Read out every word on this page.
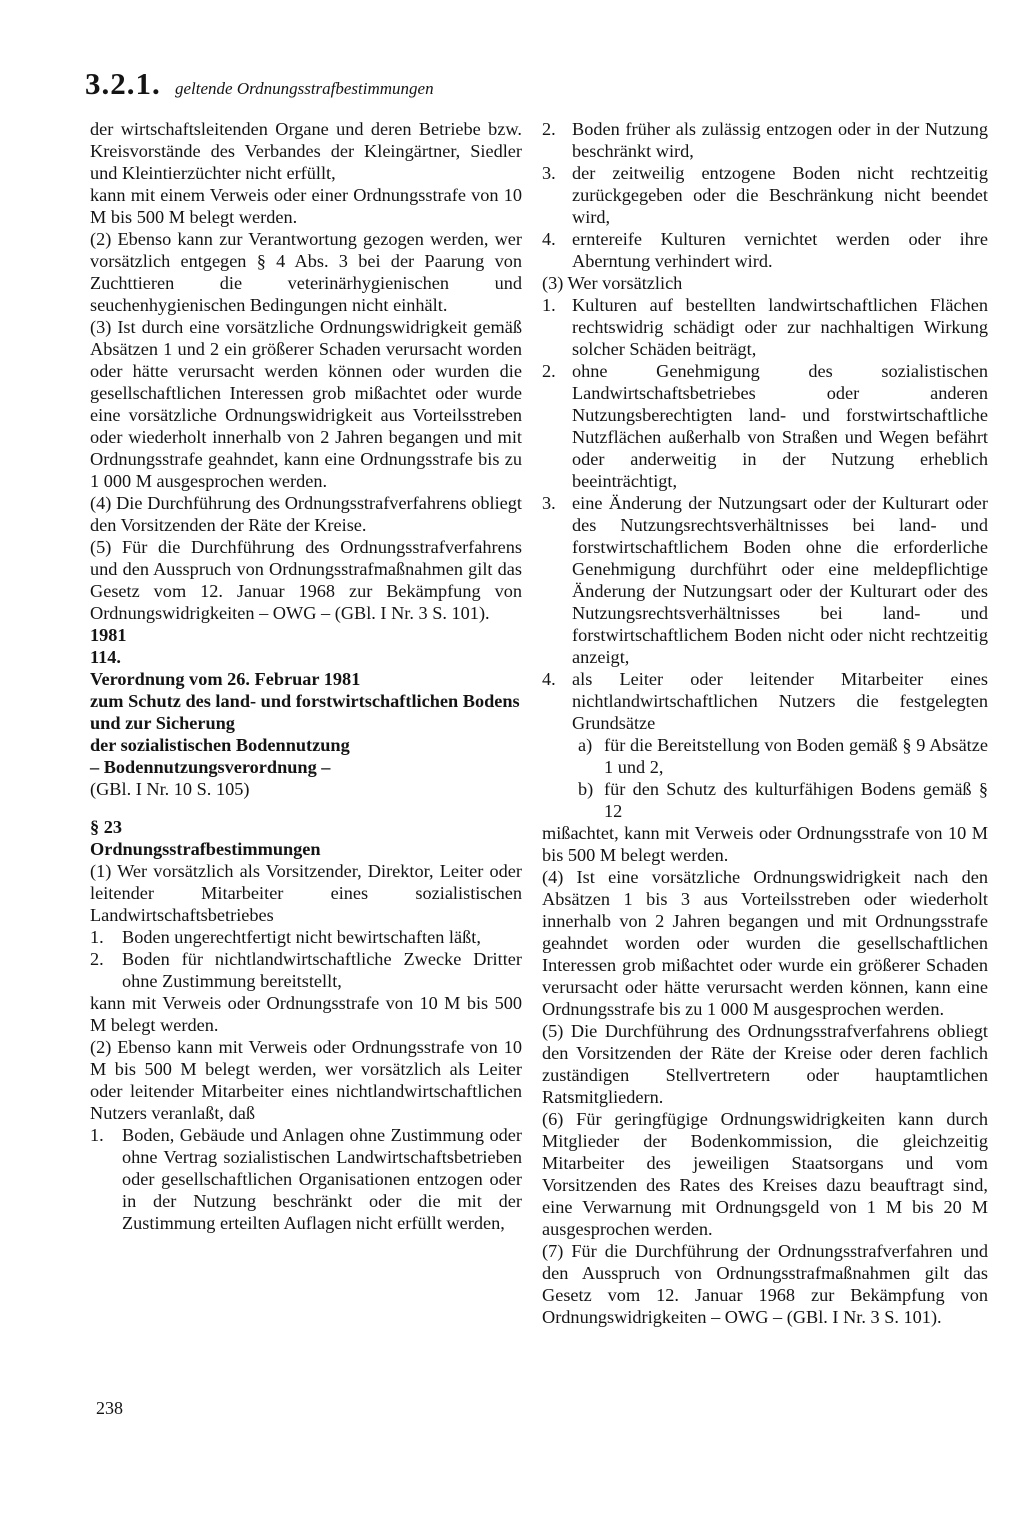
3.2.1. geltende Ordnungsstrafbestimmungen

der wirtschaftsleitenden Organe und deren Betriebe bzw. Kreisvorstände des Verbandes der Kleingärtner, Siedler und Kleintierzüchter nicht erfüllt,

kann mit einem Verweis oder einer Ordnungsstrafe von 10 M bis 500 M belegt werden.

(2) Ebenso kann zur Verantwortung gezogen werden, wer vorsätzlich entgegen § 4 Abs. 3 bei der Paarung von Zuchttieren die veterinärhygienischen und seuchenhygienischen Bedingungen nicht einhält.

(3) Ist durch eine vorsätzliche Ordnungswidrigkeit gemäß Absätzen 1 und 2 ein größerer Schaden verursacht worden oder hätte verursacht werden können oder wurden die gesellschaftlichen Interessen grob mißachtet oder wurde eine vorsätzliche Ordnungswidrigkeit aus Vorteilsstreben oder wiederholt innerhalb von 2 Jahren begangen und mit Ordnungsstrafe geahndet, kann eine Ordnungsstrafe bis zu 1 000 M ausgesprochen werden.

(4) Die Durchführung des Ordnungsstrafverfahrens obliegt den Vorsitzenden der Räte der Kreise.

(5) Für die Durchführung des Ordnungsstrafverfahrens und den Ausspruch von Ordnungsstrafmaßnahmen gilt das Gesetz vom 12. Januar 1968 zur Bekämpfung von Ordnungswidrigkeiten – OWG – (GBl. I Nr. 3 S. 101).

1981

114.

Verordnung vom 26. Februar 1981

zum Schutz des land- und forstwirtschaftlichen Bodens und zur Sicherung

der sozialistischen Bodennutzung

– Bodennutzungsverordnung –

(GBl. I Nr. 10 S. 105)

§ 23

Ordnungsstrafbestimmungen

(1) Wer vorsätzlich als Vorsitzender, Direktor, Leiter oder leitender Mitarbeiter eines sozialistischen Landwirtschaftsbetriebes

1. Boden ungerechtfertigt nicht bewirtschaften läßt,
2. Boden für nichtlandwirtschaftliche Zwecke Dritter ohne Zustimmung bereitstellt,

kann mit Verweis oder Ordnungsstrafe von 10 M bis 500 M belegt werden.

(2) Ebenso kann mit Verweis oder Ordnungsstrafe von 10 M bis 500 M belegt werden, wer vorsätzlich als Leiter oder leitender Mitarbeiter eines nichtlandwirtschaftlichen Nutzers veranlaßt, daß

1. Boden, Gebäude und Anlagen ohne Zustimmung oder ohne Vertrag sozialistischen Landwirtschaftsbetrieben oder gesellschaftlichen Organisationen entzogen oder in der Nutzung beschränkt oder die mit der Zustimmung erteilten Auflagen nicht erfüllt werden,
2. Boden früher als zulässig entzogen oder in der Nutzung beschränkt wird,
3. der zeitweilig entzogene Boden nicht rechtzeitig zurückgegeben oder die Beschränkung nicht beendet wird,
4. erntereife Kulturen vernichtet werden oder ihre Aberntung verhindert wird.

(3) Wer vorsätzlich

1. Kulturen auf bestellten landwirtschaftlichen Flächen rechtswidrig schädigt oder zur nachhaltigen Wirkung solcher Schäden beiträgt,
2. ohne Genehmigung des sozialistischen Landwirtschaftsbetriebes oder anderen Nutzungsberechtigten land- und forstwirtschaftliche Nutzflächen außerhalb von Straßen und Wegen befährt oder anderweitig in der Nutzung erheblich beeinträchtigt,
3. eine Änderung der Nutzungsart oder der Kulturart oder des Nutzungsrechtsverhältnisses bei land- und forstwirtschaftlichem Boden ohne die erforderliche Genehmigung durchführt oder eine meldepflichtige Änderung der Nutzungsart oder der Kulturart oder des Nutzungsrechtsverhältnisses bei land- und forstwirtschaftlichem Boden nicht oder nicht rechtzeitig anzeigt,
4. als Leiter oder leitender Mitarbeiter eines nichtlandwirtschaftlichen Nutzers die festgelegten Grundsätze
a) für die Bereitstellung von Boden gemäß § 9 Absätze 1 und 2,
b) für den Schutz des kulturfähigen Bodens gemäß § 12

mißachtet, kann mit Verweis oder Ordnungsstrafe von 10 M bis 500 M belegt werden.

(4) Ist eine vorsätzliche Ordnungswidrigkeit nach den Absätzen 1 bis 3 aus Vorteilsstreben oder wiederholt innerhalb von 2 Jahren begangen und mit Ordnungsstrafe geahndet worden oder wurden die gesellschaftlichen Interessen grob mißachtet oder wurde ein größerer Schaden verursacht oder hätte verursacht werden können, kann eine Ordnungsstrafe bis zu 1 000 M ausgesprochen werden.

(5) Die Durchführung des Ordnungsstrafverfahrens obliegt den Vorsitzenden der Räte der Kreise oder deren fachlich zuständigen Stellvertretern oder hauptamtlichen Ratsmitgliedern.

(6) Für geringfügige Ordnungswidrigkeiten kann durch Mitglieder der Bodenkommission, die gleichzeitig Mitarbeiter des jeweiligen Staatsorgans und vom Vorsitzenden des Rates des Kreises dazu beauftragt sind, eine Verwarnung mit Ordnungsgeld von 1 M bis 20 M ausgesprochen werden.

(7) Für die Durchführung der Ordnungsstrafverfahren und den Ausspruch von Ordnungsstrafmaßnahmen gilt das Gesetz vom 12. Januar 1968 zur Bekämpfung von Ordnungswidrigkeiten – OWG – (GBl. I Nr. 3 S. 101).

238
